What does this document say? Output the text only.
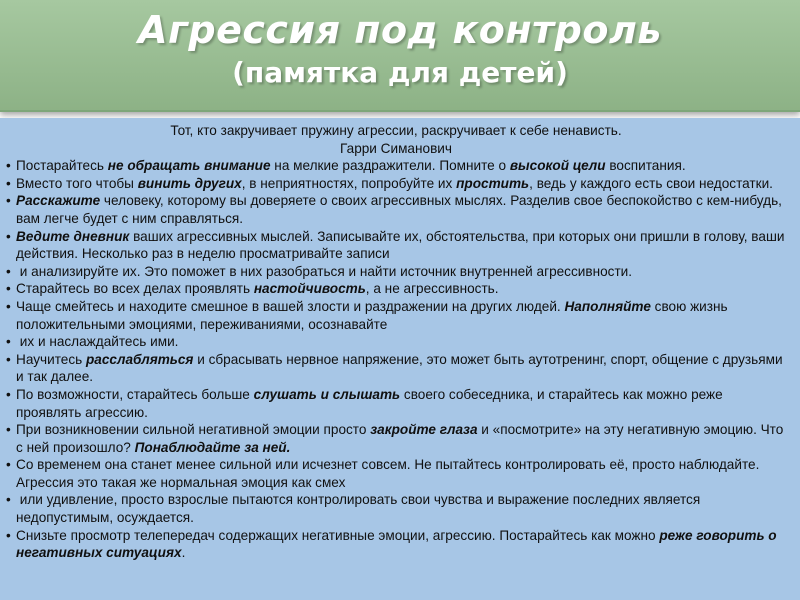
Агрессия под контроль
(памятка для детей)
Тот, кто закручивает пружину агрессии, раскручивает к себе ненависть.
Гарри Симанович

• Постарайтесь не обращать внимание на мелкие раздражители. Помните о высокой цели воспитания.

• Вместо того чтобы винить других, в неприятностях, попробуйте их простить, ведь у каждого есть свои недостатки.

• Расскажите человеку, которому вы доверяете о своих агрессивных мыслях. Разделив свое беспокойство с кем-нибудь, вам легче будет с ним справляться.

• Ведите дневник ваших агрессивных мыслей. Записывайте их, обстоятельства, при которых они пришли в голову, ваши действия. Несколько раз в неделю просматривайте записи

• и анализируйте их. Это поможет в них разобраться и найти источник внутренней агрессивности.

• Старайтесь во всех делах проявлять настойчивость, а не агрессивность.

• Чаще смейтесь и находите смешное в вашей злости и раздражении на других людей. Наполняйте свою жизнь положительными эмоциями, переживаниями, осознавайте

• их и наслаждайтесь ими.

• Научитесь расслабляться и сбрасывать нервное напряжение, это может быть аутотренинг, спорт, общение с друзьями и так далее.

• По возможности, старайтесь больше слушать и слышать своего собеседника, и старайтесь как можно реже проявлять агрессию.

• При возникновении сильной негативной эмоции просто закройте глаза и «посмотрите» на эту негативную эмоцию. Что с ней произошло? Понаблюдайте за ней.

• Со временем она станет менее сильной или исчезнет совсем. Не пытайтесь контролировать её, просто наблюдайте. Агрессия это такая же нормальная эмоция как смех

• или удивление, просто взрослые пытаются контролировать свои чувства и выражение последних является недопустимым, осуждается.

• Снизьте просмотр телепередач содержащих негативные эмоции, агрессию. Постарайтесь как можно реже говорить о негативных ситуациях.
